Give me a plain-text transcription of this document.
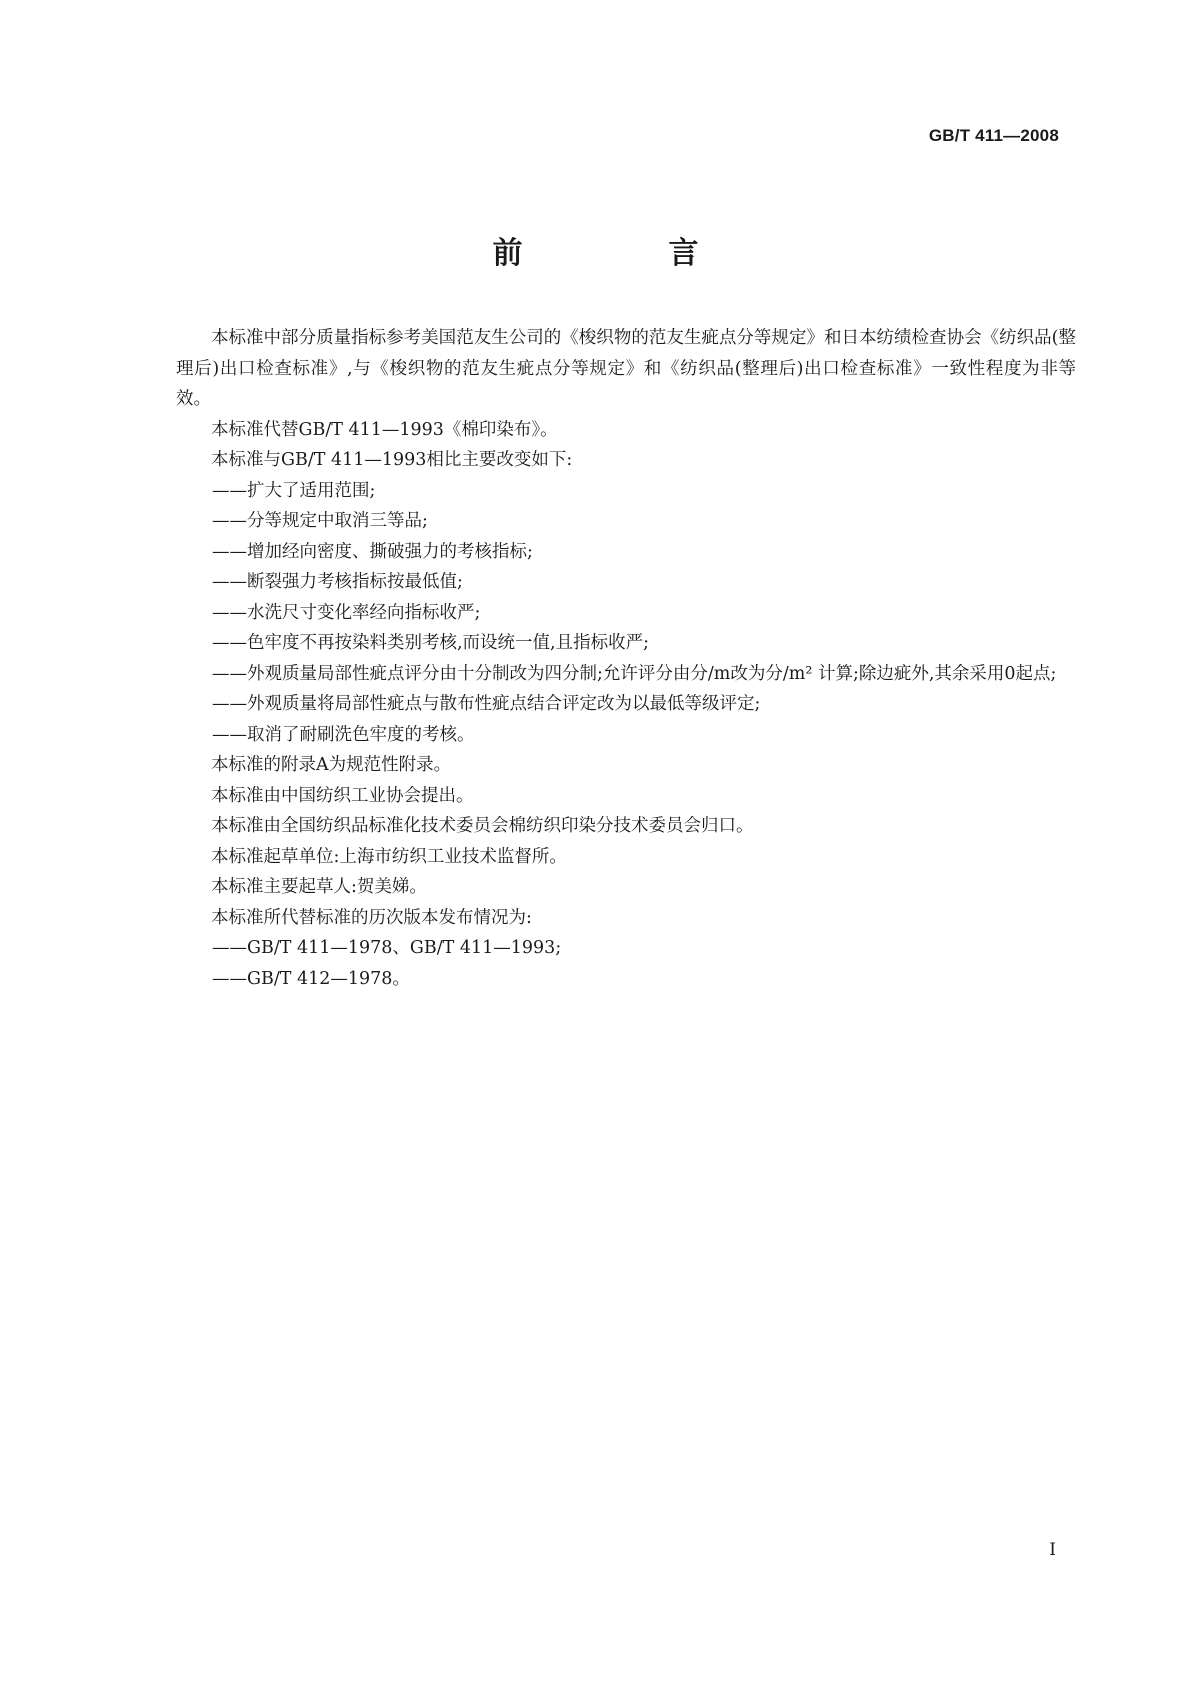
GB/T 411—2008
前　言

本标准中部分质量指标参考美国范友生公司的《梭织物的范友生疵点分等规定》和日本纺绩检查协会《纺织品(整理后)出口检查标准》,与《梭织物的范友生疵点分等规定》和《纺织品(整理后)出口检查标准》一致性程度为非等效。

本标准代替GB/T 411—1993《棉印染布》。

本标准与GB/T 411—1993相比主要改变如下:

——扩大了适用范围;

——分等规定中取消三等品;

——增加经向密度、撕破强力的考核指标;

——断裂强力考核指标按最低值;

——水洗尺寸变化率经向指标收严;

——色牢度不再按染料类别考核,而设统一值,且指标收严;

——外观质量局部性疵点评分由十分制改为四分制;允许评分由分/m改为分/m² 计算;除边疵外,其余采用0起点;

——外观质量将局部性疵点与散布性疵点结合评定改为以最低等级评定;

——取消了耐刷洗色牢度的考核。

本标准的附录A为规范性附录。

本标准由中国纺织工业协会提出。

本标准由全国纺织品标准化技术委员会棉纺织印染分技术委员会归口。

本标准起草单位:上海市纺织工业技术监督所。

本标准主要起草人:贺美娣。

本标准所代替标准的历次版本发布情况为:

——GB/T 411—1978、GB/T 411—1993;

——GB/T 412—1978。

I
